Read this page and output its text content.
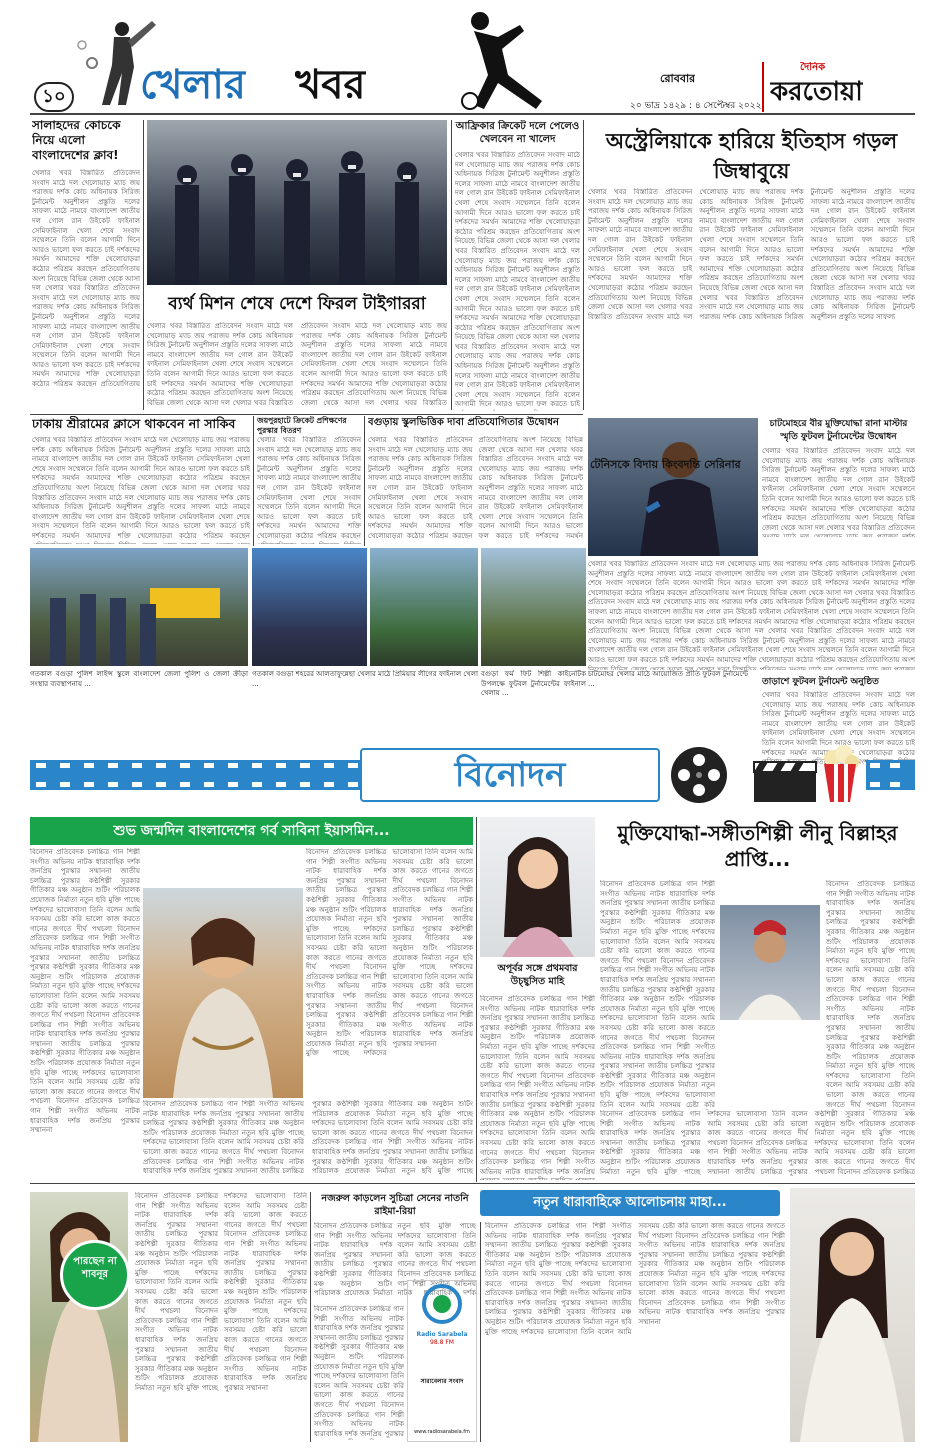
১০ খেলার খবর	রোববার
২০ ভাদ্র ১৪২৯ : ৪ সেপ্টেম্বর ২০২২
দৈনিক
করতোয়া
সালাহদের কোচকে নিয়ে এলো বাংলাদেশের ক্লাব!
খেলার খবর বিস্তারিত প্রতিবেদন সংবাদ মাঠে দল খেলোয়াড় ম্যাচ জয় পরাজয় দর্শক কোচ অধিনায়ক সিরিজ টুর্নামেন্ট অনুশীলন প্রস্তুতি দলের সাফল্য মাঠে নামবে বাংলাদেশ জাতীয় দল গোল রান উইকেট ফাইনাল সেমিফাইনাল খেলা শেষে সংবাদ সম্মেলনে তিনি বলেন আগামী দিনে আরও ভালো ফল করতে চাই দর্শকদের সমর্থন আমাদের শক্তি খেলোয়াড়রা কঠোর পরিশ্রম করছেন প্রতিযোগিতায় অংশ নিয়েছে বিভিন্ন জেলা থেকে আসা দল খেলার খবর বিস্তারিত প্রতিবেদন সংবাদ মাঠে দল খেলোয়াড় ম্যাচ জয় পরাজয় দর্শক কোচ অধিনায়ক সিরিজ টুর্নামেন্ট অনুশীলন প্রস্তুতি দলের সাফল্য মাঠে নামবে বাংলাদেশ জাতীয় দল গোল রান উইকেট ফাইনাল সেমিফাইনাল খেলা শেষে সংবাদ সম্মেলনে তিনি বলেন আগামী দিনে আরও ভালো ফল করতে চাই দর্শকদের সমর্থন আমাদের শক্তি খেলোয়াড়রা কঠোর পরিশ্রম করছেন প্রতিযোগিতায় অংশ নিয়েছে বিভিন্ন জেলা থেকে আসা দল খেলার খবর বিস্তারিত প্রতিবেদন সংবাদ মাঠে দল খেলোয়াড় ম্যাচ জয় পরাজয় দর্শক কোচ অধিনায়ক সিরিজ টুর্নামেন্ট অনুশীলন প্রস্তুতি দলের সাফল্য মাঠে নামবে বাংলাদেশ জাতীয় দল গোল রান উইকেট ফাইনাল সেমিফাইনাল খেলা শেষে সংবাদ সম্মেলনে তিনি বলেন আগামী দিনে আরও ভালো ফল করতে চাই দর্শকদের সমর্থন আমাদের শক্তি খেলোয়াড়রা কঠোর পরিশ্রম করছেন প্রতিযোগিতায় অংশ নিয়েছে বিভিন্ন জেলা থেকে আসা দল খেলার খবর বিস্তারিত প্রতিবেদন সংবাদ মাঠে দল খেলোয়াড় ম্যাচ জয় পরাজয় দর্শক কোচ অধিনায়ক সিরিজ টুর্নামেন্ট অনুশীলন প্রস্তুতি দলের সাফল্য
ব্যর্থ মিশন শেষে দেশে ফিরল টাইগাররা
খেলার খবর বিস্তারিত প্রতিবেদন সংবাদ মাঠে দল খেলোয়াড় ম্যাচ জয় পরাজয় দর্শক কোচ অধিনায়ক সিরিজ টুর্নামেন্ট অনুশীলন প্রস্তুতি দলের সাফল্য মাঠে নামবে বাংলাদেশ জাতীয় দল গোল রান উইকেট ফাইনাল সেমিফাইনাল খেলা শেষে সংবাদ সম্মেলনে তিনি বলেন আগামী দিনে আরও ভালো ফল করতে চাই দর্শকদের সমর্থন আমাদের শক্তি খেলোয়াড়রা কঠোর পরিশ্রম করছেন প্রতিযোগিতায় অংশ নিয়েছে বিভিন্ন জেলা থেকে আসা দল খেলার খবর বিস্তারিত প্রতিবেদন সংবাদ মাঠে দল খেলোয়াড় ম্যাচ জয় পরাজয় দর্শক কোচ অধিনায়ক সিরিজ টুর্নামেন্ট অনুশীলন প্রস্তুতি দলের সাফল্য মাঠে নামবে বাংলাদেশ জাতীয় দল গোল রান উইকেট ফাইনাল সেমিফাইনাল খেলা শেষে সংবাদ সম্মেলনে তিনি বলেন আগামী দিনে আরও ভালো ফল করতে চাই দর্শকদের সমর্থন আমাদের শক্তি খেলোয়াড়রা কঠোর পরিশ্রম করছেন প্রতিযোগিতায় অংশ নিয়েছে বিভিন্ন জেলা থেকে আসা দল খেলার খবর বিস্তারিত প্রতিবেদন সংবাদ মাঠে দল খেলোয়াড় ম্যাচ জয় পরাজয় দর্শক কোচ অধিনায়ক সিরিজ টুর্নামেন্ট অনুশীলন প্রস্তুতি দলের সাফল্য মাঠে নামবে বাংলাদেশ জাতীয় দল গোল রান উইকেট ফাইনাল সেমিফাইনাল খেলা শেষে সংবাদ সম্মেলনে তিনি বলেন আগামী দিনে আরও ভালো ফল করতে চাই দর্শকদের সমর্থন আমাদের শক্তি খেলোয়াড়রা কঠোর পরিশ্রম করছেন প্রতিযোগিতায় অংশ নিয়েছে বিভিন্ন জেলা থেকে আসা দল খেলার খবর বিস্তারিত প্রতিবেদন সংবাদ মাঠে দল খেলোয়াড় ম্যাচ জয় পরাজয় দর্শক কোচ অধিনায়ক সিরিজ টুর্নামেন্ট অনুশীলন প্রস্তুতি দলের সাফল্য
আফ্রিকার ক্রিকেট দলে পেলেও খেলবেন না খালেদ
খেলার খবর বিস্তারিত প্রতিবেদন সংবাদ মাঠে দল খেলোয়াড় ম্যাচ জয় পরাজয় দর্শক কোচ অধিনায়ক সিরিজ টুর্নামেন্ট অনুশীলন প্রস্তুতি দলের সাফল্য মাঠে নামবে বাংলাদেশ জাতীয় দল গোল রান উইকেট ফাইনাল সেমিফাইনাল খেলা শেষে সংবাদ সম্মেলনে তিনি বলেন আগামী দিনে আরও ভালো ফল করতে চাই দর্শকদের সমর্থন আমাদের শক্তি খেলোয়াড়রা কঠোর পরিশ্রম করছেন প্রতিযোগিতায় অংশ নিয়েছে বিভিন্ন জেলা থেকে আসা দল খেলার খবর বিস্তারিত প্রতিবেদন সংবাদ মাঠে দল খেলোয়াড় ম্যাচ জয় পরাজয় দর্শক কোচ অধিনায়ক সিরিজ টুর্নামেন্ট অনুশীলন প্রস্তুতি দলের সাফল্য মাঠে নামবে বাংলাদেশ জাতীয় দল গোল রান উইকেট ফাইনাল সেমিফাইনাল খেলা শেষে সংবাদ সম্মেলনে তিনি বলেন আগামী দিনে আরও ভালো ফল করতে চাই দর্শকদের সমর্থন আমাদের শক্তি খেলোয়াড়রা কঠোর পরিশ্রম করছেন প্রতিযোগিতায় অংশ নিয়েছে বিভিন্ন জেলা থেকে আসা দল খেলার খবর বিস্তারিত প্রতিবেদন সংবাদ মাঠে দল খেলোয়াড় ম্যাচ জয় পরাজয় দর্শক কোচ অধিনায়ক সিরিজ টুর্নামেন্ট অনুশীলন প্রস্তুতি দলের সাফল্য মাঠে নামবে বাংলাদেশ জাতীয় দল গোল রান উইকেট ফাইনাল সেমিফাইনাল খেলা শেষে সংবাদ সম্মেলনে তিনি বলেন আগামী দিনে আরও ভালো ফল করতে চাই দর্শকদের সমর্থন আমাদের শক্তি খেলোয়াড়রা কঠোর পরিশ্রম করছেন প্রতিযোগিতায় অংশ নিয়েছে বিভিন্ন জেলা থেকে আসা দল খেলার খবর বিস্তারিত প্রতিবেদন সংবাদ মাঠে দল খেলোয়াড় ম্যাচ জয় পরাজয় দর্শক কোচ অধিনায়ক সিরিজ টুর্নামেন্ট অনুশীলন প্রস্তুতি দলের সাফল্য	অস্ট্রেলিয়াকে হারিয়ে ইতিহাস গড়ল জিম্বাবুয়ে
খেলার খবর বিস্তারিত প্রতিবেদন সংবাদ মাঠে দল খেলোয়াড় ম্যাচ জয় পরাজয় দর্শক কোচ অধিনায়ক সিরিজ টুর্নামেন্ট অনুশীলন প্রস্তুতি দলের সাফল্য মাঠে নামবে বাংলাদেশ জাতীয় দল গোল রান উইকেট ফাইনাল সেমিফাইনাল খেলা শেষে সংবাদ সম্মেলনে তিনি বলেন আগামী দিনে আরও ভালো ফল করতে চাই দর্শকদের সমর্থন আমাদের শক্তি খেলোয়াড়রা কঠোর পরিশ্রম করছেন প্রতিযোগিতায় অংশ নিয়েছে বিভিন্ন জেলা থেকে আসা দল খেলার খবর বিস্তারিত প্রতিবেদন সংবাদ মাঠে দল খেলোয়াড় ম্যাচ জয় পরাজয় দর্শক কোচ অধিনায়ক সিরিজ টুর্নামেন্ট অনুশীলন প্রস্তুতি দলের সাফল্য মাঠে নামবে বাংলাদেশ জাতীয় দল গোল রান উইকেট ফাইনাল সেমিফাইনাল খেলা শেষে সংবাদ সম্মেলনে তিনি বলেন আগামী দিনে আরও ভালো ফল করতে চাই দর্শকদের সমর্থন আমাদের শক্তি খেলোয়াড়রা কঠোর পরিশ্রম করছেন প্রতিযোগিতায় অংশ নিয়েছে বিভিন্ন জেলা থেকে আসা দল খেলার খবর বিস্তারিত প্রতিবেদন সংবাদ মাঠে দল খেলোয়াড় ম্যাচ জয় পরাজয় দর্শক কোচ অধিনায়ক সিরিজ টুর্নামেন্ট অনুশীলন প্রস্তুতি দলের সাফল্য মাঠে নামবে বাংলাদেশ জাতীয় দল গোল রান উইকেট ফাইনাল সেমিফাইনাল খেলা শেষে সংবাদ সম্মেলনে তিনি বলেন আগামী দিনে আরও ভালো ফল করতে চাই দর্শকদের সমর্থন আমাদের শক্তি খেলোয়াড়রা কঠোর পরিশ্রম করছেন প্রতিযোগিতায় অংশ নিয়েছে বিভিন্ন জেলা থেকে আসা দল খেলার খবর বিস্তারিত প্রতিবেদন সংবাদ মাঠে দল খেলোয়াড় ম্যাচ জয় পরাজয় দর্শক কোচ অধিনায়ক সিরিজ টুর্নামেন্ট অনুশীলন প্রস্তুতি দলের সাফল্য
ঢাকায় শ্রীরামের ক্লাসে থাকবেন না সাকিব
খেলার খবর বিস্তারিত প্রতিবেদন সংবাদ মাঠে দল খেলোয়াড় ম্যাচ জয় পরাজয় দর্শক কোচ অধিনায়ক সিরিজ টুর্নামেন্ট অনুশীলন প্রস্তুতি দলের সাফল্য মাঠে নামবে বাংলাদেশ জাতীয় দল গোল রান উইকেট ফাইনাল সেমিফাইনাল খেলা শেষে সংবাদ সম্মেলনে তিনি বলেন আগামী দিনে আরও ভালো ফল করতে চাই দর্শকদের সমর্থন আমাদের শক্তি খেলোয়াড়রা কঠোর পরিশ্রম করছেন প্রতিযোগিতায় অংশ নিয়েছে বিভিন্ন জেলা থেকে আসা দল খেলার খবর বিস্তারিত প্রতিবেদন সংবাদ মাঠে দল খেলোয়াড় ম্যাচ জয় পরাজয় দর্শক কোচ অধিনায়ক সিরিজ টুর্নামেন্ট অনুশীলন প্রস্তুতি দলের সাফল্য মাঠে নামবে বাংলাদেশ জাতীয় দল গোল রান উইকেট ফাইনাল সেমিফাইনাল খেলা শেষে সংবাদ সম্মেলনে তিনি বলেন আগামী দিনে আরও ভালো ফল করতে চাই দর্শকদের সমর্থন আমাদের শক্তি খেলোয়াড়রা কঠোর পরিশ্রম করছেন প্রতিযোগিতায় অংশ নিয়েছে বিভিন্ন জেলা থেকে আসা দল খেলার খবর বিস্তারিত প্রতিবেদন সংবাদ মাঠে দল খেলোয়াড় ম্যাচ জয় পরাজয় দর্শক কোচ অধিনায়ক সিরিজ টুর্নামেন্ট অনুশীলন প্রস্তুতি দলের সাফল্য মাঠে নামবে বাংলাদেশ জাতীয় দল গোল রান উইকেট ফাইনাল সেমিফাইনাল খেলা শেষে সংবাদ সম্মেলনে তিনি বলেন আগামী দিনে আরও ভালো ফল করতে চাই দর্শকদের সমর্থন আমাদের শক্তি খেলোয়াড়রা কঠোর পরিশ্রম করছেন প্রতিযোগিতায় অংশ নিয়েছে বিভিন্ন জেলা থেকে আসা দল খেলার খবর বিস্তারিত প্রতিবেদন সংবাদ মাঠে দল খেলোয়াড় ম্যাচ জয় পরাজয় দর্শক কোচ অধিনায়ক সিরিজ টুর্নামেন্ট অনুশীলন প্রস্তুতি দলের সাফল্য	জয়পুরহাটে ক্রিকেট প্রশিক্ষণের পুরস্কার বিতরণ
খেলার খবর বিস্তারিত প্রতিবেদন সংবাদ মাঠে দল খেলোয়াড় ম্যাচ জয় পরাজয় দর্শক কোচ অধিনায়ক সিরিজ টুর্নামেন্ট অনুশীলন প্রস্তুতি দলের সাফল্য মাঠে নামবে বাংলাদেশ জাতীয় দল গোল রান উইকেট ফাইনাল সেমিফাইনাল খেলা শেষে সংবাদ সম্মেলনে তিনি বলেন আগামী দিনে আরও ভালো ফল করতে চাই দর্শকদের সমর্থন আমাদের শক্তি খেলোয়াড়রা কঠোর পরিশ্রম করছেন প্রতিযোগিতায় অংশ নিয়েছে বিভিন্ন জেলা থেকে আসা দল খেলার খবর বিস্তারিত প্রতিবেদন সংবাদ মাঠে দল খেলোয়াড় ম্যাচ জয় পরাজয় দর্শক কোচ অধিনায়ক সিরিজ টুর্নামেন্ট অনুশীলন প্রস্তুতি দলের সাফল্য মাঠে নামবে বাংলাদেশ জাতীয় দল গোল রান উইকেট ফাইনাল সেমিফাইনাল খেলা শেষে সংবাদ সম্মেলনে তিনি বলেন আগামী দিনে আরও ভালো ফল করতে চাই দর্শকদের সমর্থন আমাদের শক্তি খেলোয়াড়রা কঠোর পরিশ্রম করছেন প্রতিযোগিতায় অংশ নিয়েছে বিভিন্ন জেলা থেকে আসা দল খেলার খবর বিস্তারিত প্রতিবেদন সংবাদ মাঠে দল খেলোয়াড় ম্যাচ জয় পরাজয় দর্শক কোচ অধিনায়ক সিরিজ টুর্নামেন্ট অনুশীলন প্রস্তুতি দলের সাফল্য মাঠে নামবে বাংলাদেশ জাতীয় দল গোল রান উইকেট ফাইনাল সেমিফাইনাল খেলা শেষে সংবাদ সম্মেলনে তিনি বলেন আগামী দিনে আরও ভালো ফল করতে চাই দর্শকদের সমর্থন আমাদের শক্তি খেলোয়াড়রা কঠোর পরিশ্রম করছেন প্রতিযোগিতায় অংশ নিয়েছে বিভিন্ন জেলা থেকে আসা দল খেলার খবর বিস্তারিত প্রতিবেদন সংবাদ মাঠে দল খেলোয়াড় ম্যাচ জয় পরাজয় দর্শক কোচ অধিনায়ক সিরিজ টুর্নামেন্ট অনুশীলন প্রস্তুতি দলের সাফল্য
বগুড়ায় স্কুলভিত্তিক দাবা প্রতিযোগিতার উদ্বোধন
খেলার খবর বিস্তারিত প্রতিবেদন সংবাদ মাঠে দল খেলোয়াড় ম্যাচ জয় পরাজয় দর্শক কোচ অধিনায়ক সিরিজ টুর্নামেন্ট অনুশীলন প্রস্তুতি দলের সাফল্য মাঠে নামবে বাংলাদেশ জাতীয় দল গোল রান উইকেট ফাইনাল সেমিফাইনাল খেলা শেষে সংবাদ সম্মেলনে তিনি বলেন আগামী দিনে আরও ভালো ফল করতে চাই দর্শকদের সমর্থন আমাদের শক্তি খেলোয়াড়রা কঠোর পরিশ্রম করছেন প্রতিযোগিতায় অংশ নিয়েছে বিভিন্ন জেলা থেকে আসা দল খেলার খবর বিস্তারিত প্রতিবেদন সংবাদ মাঠে দল খেলোয়াড় ম্যাচ জয় পরাজয় দর্শক কোচ অধিনায়ক সিরিজ টুর্নামেন্ট অনুশীলন প্রস্তুতি দলের সাফল্য মাঠে নামবে বাংলাদেশ জাতীয় দল গোল রান উইকেট ফাইনাল সেমিফাইনাল খেলা শেষে সংবাদ সম্মেলনে তিনি বলেন আগামী দিনে আরও ভালো ফল করতে চাই দর্শকদের সমর্থন আমাদের শক্তি খেলোয়াড়রা কঠোর পরিশ্রম করছেন প্রতিযোগিতায় অংশ নিয়েছে বিভিন্ন জেলা থেকে আসা দল খেলার খবর বিস্তারিত প্রতিবেদন সংবাদ মাঠে দল খেলোয়াড় ম্যাচ জয় পরাজয় দর্শক কোচ অধিনায়ক সিরিজ টুর্নামেন্ট অনুশীলন প্রস্তুতি দলের সাফল্য মাঠে নামবে বাংলাদেশ জাতীয় দল গোল রান উইকেট ফাইনাল সেমিফাইনাল খেলা শেষে সংবাদ সম্মেলনে তিনি বলেন আগামী দিনে আরও ভালো ফল করতে চাই দর্শকদের সমর্থন আমাদের শক্তি খেলোয়াড়রা কঠোর পরিশ্রম করছেন প্রতিযোগিতায় অংশ নিয়েছে বিভিন্ন জেলা থেকে আসা দল খেলার খবর বিস্তারিত প্রতিবেদন সংবাদ মাঠে দল খেলোয়াড় ম্যাচ জয় পরাজয় দর্শক কোচ অধিনায়ক সিরিজ টুর্নামেন্ট অনুশীলন প্রস্তুতি দলের সাফল্য	চাটমোহরে বীর মুক্তিযোদ্ধা রানা মাস্টার স্মৃতি ফুটবল টুর্নামেন্টের উদ্বোধন
খেলার খবর বিস্তারিত প্রতিবেদন সংবাদ মাঠে দল খেলোয়াড় ম্যাচ জয় পরাজয় দর্শক কোচ অধিনায়ক সিরিজ টুর্নামেন্ট অনুশীলন প্রস্তুতি দলের সাফল্য মাঠে নামবে বাংলাদেশ জাতীয় দল গোল রান উইকেট ফাইনাল সেমিফাইনাল খেলা শেষে সংবাদ সম্মেলনে তিনি বলেন আগামী দিনে আরও ভালো ফল করতে চাই দর্শকদের সমর্থন আমাদের শক্তি খেলোয়াড়রা কঠোর পরিশ্রম করছেন প্রতিযোগিতায় অংশ নিয়েছে বিভিন্ন জেলা থেকে আসা দল খেলার খবর বিস্তারিত প্রতিবেদন সংবাদ মাঠে দল খেলোয়াড় ম্যাচ জয় পরাজয় দর্শক কোচ অধিনায়ক সিরিজ টুর্নামেন্ট অনুশীলন প্রস্তুতি দলের সাফল্য মাঠে নামবে বাংলাদেশ জাতীয় দল গোল রান উইকেট ফাইনাল সেমিফাইনাল খেলা শেষে সংবাদ সম্মেলনে তিনি বলেন আগামী দিনে আরও ভালো ফল করতে চাই দর্শকদের সমর্থন আমাদের শক্তি খেলোয়াড়রা কঠোর পরিশ্রম করছেন প্রতিযোগিতায় অংশ নিয়েছে বিভিন্ন জেলা থেকে আসা দল খেলার খবর বিস্তারিত প্রতিবেদন সংবাদ মাঠে দল খেলোয়াড় ম্যাচ জয় পরাজয় দর্শক কোচ অধিনায়ক সিরিজ টুর্নামেন্ট অনুশীলন প্রস্তুতি দলের সাফল্য মাঠে নামবে বাংলাদেশ জাতীয় দল গোল রান উইকেট ফাইনাল সেমিফাইনাল খেলা শেষে সংবাদ সম্মেলনে তিনি বলেন আগামী দিনে আরও ভালো ফল করতে চাই দর্শকদের সমর্থন আমাদের শক্তি খেলোয়াড়রা কঠোর পরিশ্রম করছেন প্রতিযোগিতায় অংশ নিয়েছে বিভিন্ন জেলা থেকে আসা দল খেলার খবর বিস্তারিত প্রতিবেদন সংবাদ মাঠে দল খেলোয়াড় ম্যাচ জয় পরাজয় দর্শক কোচ অধিনায়ক সিরিজ টুর্নামেন্ট অনুশীলন প্রস্তুতি দলের সাফল্য
টেনিসকে বিদায় কিংবদন্তি সেরিনার
খেলার খবর বিস্তারিত প্রতিবেদন সংবাদ মাঠে দল খেলোয়াড় ম্যাচ জয় পরাজয় দর্শক কোচ অধিনায়ক সিরিজ টুর্নামেন্ট অনুশীলন প্রস্তুতি দলের সাফল্য মাঠে নামবে বাংলাদেশ জাতীয় দল গোল রান উইকেট ফাইনাল সেমিফাইনাল খেলা শেষে সংবাদ সম্মেলনে তিনি বলেন আগামী দিনে আরও ভালো ফল করতে চাই দর্শকদের সমর্থন আমাদের শক্তি খেলোয়াড়রা কঠোর পরিশ্রম করছেন প্রতিযোগিতায় অংশ নিয়েছে বিভিন্ন জেলা থেকে আসা দল খেলার খবর বিস্তারিত প্রতিবেদন সংবাদ মাঠে দল খেলোয়াড় ম্যাচ জয় পরাজয় দর্শক কোচ অধিনায়ক সিরিজ টুর্নামেন্ট অনুশীলন প্রস্তুতি দলের সাফল্য মাঠে নামবে বাংলাদেশ জাতীয় দল গোল রান উইকেট ফাইনাল সেমিফাইনাল খেলা শেষে সংবাদ সম্মেলনে তিনি বলেন আগামী দিনে আরও ভালো ফল করতে চাই দর্শকদের সমর্থন আমাদের শক্তি খেলোয়াড়রা কঠোর পরিশ্রম করছেন প্রতিযোগিতায় অংশ নিয়েছে বিভিন্ন জেলা থেকে আসা দল খেলার খবর বিস্তারিত প্রতিবেদন সংবাদ মাঠে দল খেলোয়াড় ম্যাচ জয় পরাজয় দর্শক কোচ অধিনায়ক সিরিজ টুর্নামেন্ট অনুশীলন প্রস্তুতি দলের সাফল্য মাঠে নামবে বাংলাদেশ জাতীয় দল গোল রান উইকেট ফাইনাল সেমিফাইনাল খেলা শেষে সংবাদ সম্মেলনে তিনি বলেন আগামী দিনে আরও ভালো ফল করতে চাই দর্শকদের সমর্থন আমাদের শক্তি খেলোয়াড়রা কঠোর পরিশ্রম করছেন প্রতিযোগিতায় অংশ নিয়েছে বিভিন্ন জেলা থেকে আসা দল খেলার খবর বিস্তারিত প্রতিবেদন সংবাদ মাঠে দল খেলোয়াড় ম্যাচ জয় পরাজয় দর্শক কোচ অধিনায়ক সিরিজ টুর্নামেন্ট অনুশীলন প্রস্তুতি দলের সাফল্য
গতকাল বগুড়া পুলিশ লাইন্স স্কুলে বাংলাদেশ জেলা পুলিশ ও জেলা ক্রীড়া সংস্থার ব্যবস্থাপনায় ...
গতকাল বগুড়া শহরের আলতাফুন্নেছা খেলার মাঠে প্রিমিয়ার লীগের ফাইনাল খেলা ...
বগুড়া ফর্ম ফিট শিল্পী কাইনেটিক উপলক্ষে ফুটবল টুর্নামেন্টের ফাইনাল খেলায় ...
চাটমোহর খেলার মাঠে আয়োজিত প্রীতি ফুটবল টুর্নামেন্টে ...	তাড়াশে ফুটবল টুর্নামেন্ট অনুষ্ঠিত
খেলার খবর বিস্তারিত প্রতিবেদন সংবাদ মাঠে দল খেলোয়াড় ম্যাচ জয় পরাজয় দর্শক কোচ অধিনায়ক সিরিজ টুর্নামেন্ট অনুশীলন প্রস্তুতি দলের সাফল্য মাঠে নামবে বাংলাদেশ জাতীয় দল গোল রান উইকেট ফাইনাল সেমিফাইনাল খেলা শেষে সংবাদ সম্মেলনে তিনি বলেন আগামী দিনে আরও ভালো ফল করতে চাই দর্শকদের সমর্থন আমাদের শক্তি খেলোয়াড়রা কঠোর পরিশ্রম করছেন প্রতিযোগিতায় অংশ নিয়েছে বিভিন্ন জেলা থেকে আসা দল খেলার খবর বিস্তারিত প্রতিবেদন সংবাদ মাঠে দল খেলোয়াড় ম্যাচ জয় পরাজয় দর্শক কোচ অধিনায়ক সিরিজ টুর্নামেন্ট অনুশীলন প্রস্তুতি দলের সাফল্য মাঠে নামবে বাংলাদেশ জাতীয় দল গোল রান উইকেট ফাইনাল সেমিফাইনাল খেলা শেষে সংবাদ সম্মেলনে তিনি বলেন আগামী দিনে আরও ভালো ফল করতে চাই দর্শকদের সমর্থন আমাদের শক্তি খেলোয়াড়রা কঠোর পরিশ্রম করছেন প্রতিযোগিতায় অংশ নিয়েছে বিভিন্ন জেলা থেকে আসা দল খেলার খবর বিস্তারিত প্রতিবেদন সংবাদ মাঠে দল খেলোয়াড় ম্যাচ জয় পরাজয় দর্শক কোচ অধিনায়ক সিরিজ টুর্নামেন্ট অনুশীলন প্রস্তুতি দলের সাফল্য মাঠে নামবে বাংলাদেশ জাতীয় দল গোল রান উইকেট ফাইনাল সেমিফাইনাল খেলা শেষে সংবাদ সম্মেলনে তিনি বলেন আগামী দিনে আরও ভালো ফল করতে চাই দর্শকদের সমর্থন আমাদের শক্তি খেলোয়াড়রা কঠোর পরিশ্রম করছেন প্রতিযোগিতায় অংশ নিয়েছে বিভিন্ন জেলা থেকে আসা দল খেলার খবর বিস্তারিত প্রতিবেদন সংবাদ মাঠে দল খেলোয়াড় ম্যাচ জয় পরাজয় দর্শক কোচ অধিনায়ক সিরিজ টুর্নামেন্ট অনুশীলন প্রস্তুতি দলের সাফল্য
বিনোদন
শুভ জন্মদিন বাংলাদেশের গর্ব সাবিনা ইয়াসমিন...
বিনোদন প্রতিবেদক চলচ্চিত্র গান শিল্পী সংগীত অভিনয় নাটক ধারাবাহিক দর্শক জনপ্রিয় পুরস্কার সম্মাননা জাতীয় চলচ্চিত্র পুরস্কার কণ্ঠশিল্পী সুরকার গীতিকার মঞ্চ অনুষ্ঠান শুটিং পরিচালক প্রযোজক নির্মাতা নতুন ছবি মুক্তি পাচ্ছে দর্শকদের ভালোবাসা তিনি বলেন আমি সবসময় চেষ্টা করি ভালো কাজ করতে গানের জগতে দীর্ঘ পথচলা বিনোদন প্রতিবেদক চলচ্চিত্র গান শিল্পী সংগীত অভিনয় নাটক ধারাবাহিক দর্শক জনপ্রিয় পুরস্কার সম্মাননা জাতীয় চলচ্চিত্র পুরস্কার কণ্ঠশিল্পী সুরকার গীতিকার মঞ্চ অনুষ্ঠান শুটিং পরিচালক প্রযোজক নির্মাতা নতুন ছবি মুক্তি পাচ্ছে দর্শকদের ভালোবাসা তিনি বলেন আমি সবসময় চেষ্টা করি ভালো কাজ করতে গানের জগতে দীর্ঘ পথচলা বিনোদন প্রতিবেদক চলচ্চিত্র গান শিল্পী সংগীত অভিনয় নাটক ধারাবাহিক দর্শক জনপ্রিয় পুরস্কার সম্মাননা জাতীয় চলচ্চিত্র পুরস্কার কণ্ঠশিল্পী সুরকার গীতিকার মঞ্চ অনুষ্ঠান শুটিং পরিচালক প্রযোজক নির্মাতা নতুন ছবি মুক্তি পাচ্ছে দর্শকদের ভালোবাসা তিনি বলেন আমি সবসময় চেষ্টা করি ভালো কাজ করতে গানের জগতে দীর্ঘ পথচলা বিনোদন প্রতিবেদক চলচ্চিত্র গান শিল্পী সংগীত অভিনয় নাটক ধারাবাহিক দর্শক জনপ্রিয় পুরস্কার সম্মাননা
বিনোদন প্রতিবেদক চলচ্চিত্র গান শিল্পী সংগীত অভিনয় নাটক ধারাবাহিক দর্শক জনপ্রিয় পুরস্কার সম্মাননা জাতীয় চলচ্চিত্র পুরস্কার কণ্ঠশিল্পী সুরকার গীতিকার মঞ্চ অনুষ্ঠান শুটিং পরিচালক প্রযোজক নির্মাতা নতুন ছবি মুক্তি পাচ্ছে দর্শকদের ভালোবাসা তিনি বলেন আমি সবসময় চেষ্টা করি ভালো কাজ করতে গানের জগতে দীর্ঘ পথচলা বিনোদন প্রতিবেদক চলচ্চিত্র গান শিল্পী সংগীত অভিনয় নাটক ধারাবাহিক দর্শক জনপ্রিয় পুরস্কার সম্মাননা জাতীয় চলচ্চিত্র পুরস্কার কণ্ঠশিল্পী সুরকার গীতিকার মঞ্চ অনুষ্ঠান শুটিং পরিচালক প্রযোজক নির্মাতা নতুন ছবি মুক্তি পাচ্ছে দর্শকদের ভালোবাসা তিনি বলেন আমি সবসময় চেষ্টা করি ভালো কাজ করতে গানের জগতে দীর্ঘ পথচলা বিনোদন প্রতিবেদক চলচ্চিত্র গান শিল্পী সংগীত অভিনয় নাটক ধারাবাহিক দর্শক জনপ্রিয় পুরস্কার সম্মাননা জাতীয় চলচ্চিত্র পুরস্কার কণ্ঠশিল্পী সুরকার গীতিকার মঞ্চ অনুষ্ঠান শুটিং পরিচালক প্রযোজক নির্মাতা নতুন ছবি মুক্তি পাচ্ছে দর্শকদের ভালোবাসা তিনি বলেন আমি সবসময় চেষ্টা করি ভালো কাজ করতে গানের জগতে দীর্ঘ পথচলা বিনোদন প্রতিবেদক চলচ্চিত্র গান শিল্পী সংগীত অভিনয় নাটক ধারাবাহিক দর্শক জনপ্রিয় পুরস্কার সম্মাননা
বিনোদন প্রতিবেদক চলচ্চিত্র গান শিল্পী সংগীত অভিনয় নাটক ধারাবাহিক দর্শক জনপ্রিয় পুরস্কার সম্মাননা জাতীয় চলচ্চিত্র পুরস্কার কণ্ঠশিল্পী সুরকার গীতিকার মঞ্চ অনুষ্ঠান শুটিং পরিচালক প্রযোজক নির্মাতা নতুন ছবি মুক্তি পাচ্ছে দর্শকদের ভালোবাসা তিনি বলেন আমি সবসময় চেষ্টা করি ভালো কাজ করতে গানের জগতে দীর্ঘ পথচলা বিনোদন প্রতিবেদক চলচ্চিত্র গান শিল্পী সংগীত অভিনয় নাটক ধারাবাহিক দর্শক জনপ্রিয় পুরস্কার সম্মাননা জাতীয় চলচ্চিত্র পুরস্কার কণ্ঠশিল্পী সুরকার গীতিকার মঞ্চ অনুষ্ঠান শুটিং পরিচালক প্রযোজক নির্মাতা নতুন ছবি মুক্তি পাচ্ছে দর্শকদের ভালোবাসা তিনি বলেন আমি সবসময় চেষ্টা করি ভালো কাজ করতে গানের জগতে দীর্ঘ পথচলা বিনোদন প্রতিবেদক চলচ্চিত্র গান শিল্পী সংগীত অভিনয় নাটক ধারাবাহিক দর্শক জনপ্রিয় পুরস্কার সম্মাননা জাতীয় চলচ্চিত্র পুরস্কার কণ্ঠশিল্পী সুরকার গীতিকার মঞ্চ অনুষ্ঠান শুটিং পরিচালক প্রযোজক নির্মাতা নতুন ছবি মুক্তি পাচ্ছে দর্শকদের ভালোবাসা তিনি বলেন আমি সবসময় চেষ্টা করি ভালো কাজ করতে গানের জগতে দীর্ঘ পথচলা বিনোদন প্রতিবেদক চলচ্চিত্র গান শিল্পী সংগীত অভিনয় নাটক ধারাবাহিক দর্শক জনপ্রিয় পুরস্কার সম্মাননা
অপূর্বর সঙ্গে প্রথমবার উচ্ছ্বসিত মাহি
বিনোদন প্রতিবেদক চলচ্চিত্র গান শিল্পী সংগীত অভিনয় নাটক ধারাবাহিক দর্শক জনপ্রিয় পুরস্কার সম্মাননা জাতীয় চলচ্চিত্র পুরস্কার কণ্ঠশিল্পী সুরকার গীতিকার মঞ্চ অনুষ্ঠান শুটিং পরিচালক প্রযোজক নির্মাতা নতুন ছবি মুক্তি পাচ্ছে দর্শকদের ভালোবাসা তিনি বলেন আমি সবসময় চেষ্টা করি ভালো কাজ করতে গানের জগতে দীর্ঘ পথচলা বিনোদন প্রতিবেদক চলচ্চিত্র গান শিল্পী সংগীত অভিনয় নাটক ধারাবাহিক দর্শক জনপ্রিয় পুরস্কার সম্মাননা জাতীয় চলচ্চিত্র পুরস্কার কণ্ঠশিল্পী সুরকার গীতিকার মঞ্চ অনুষ্ঠান শুটিং পরিচালক প্রযোজক নির্মাতা নতুন ছবি মুক্তি পাচ্ছে দর্শকদের ভালোবাসা তিনি বলেন আমি সবসময় চেষ্টা করি ভালো কাজ করতে গানের জগতে দীর্ঘ পথচলা বিনোদন প্রতিবেদক চলচ্চিত্র গান শিল্পী সংগীত অভিনয় নাটক ধারাবাহিক দর্শক জনপ্রিয় পুরস্কার সম্মাননা জাতীয় চলচ্চিত্র পুরস্কার কণ্ঠশিল্পী সুরকার গীতিকার মঞ্চ অনুষ্ঠান শুটিং পরিচালক প্রযোজক নির্মাতা নতুন ছবি মুক্তি পাচ্ছে দর্শকদের ভালোবাসা তিনি বলেন আমি সবসময় চেষ্টা করি ভালো কাজ করতে গানের জগতে দীর্ঘ পথচলা বিনোদন প্রতিবেদক চলচ্চিত্র গান শিল্পী সংগীত অভিনয় নাটক ধারাবাহিক দর্শক জনপ্রিয় পুরস্কার সম্মাননা
মুক্তিযোদ্ধা-সঙ্গীতশিল্পী লীনু বিল্লাহর প্রাপ্তি...
বিনোদন প্রতিবেদক চলচ্চিত্র গান শিল্পী সংগীত অভিনয় নাটক ধারাবাহিক দর্শক জনপ্রিয় পুরস্কার সম্মাননা জাতীয় চলচ্চিত্র পুরস্কার কণ্ঠশিল্পী সুরকার গীতিকার মঞ্চ অনুষ্ঠান শুটিং পরিচালক প্রযোজক নির্মাতা নতুন ছবি মুক্তি পাচ্ছে দর্শকদের ভালোবাসা তিনি বলেন আমি সবসময় চেষ্টা করি ভালো কাজ করতে গানের জগতে দীর্ঘ পথচলা বিনোদন প্রতিবেদক চলচ্চিত্র গান শিল্পী সংগীত অভিনয় নাটক ধারাবাহিক দর্শক জনপ্রিয় পুরস্কার সম্মাননা জাতীয় চলচ্চিত্র পুরস্কার কণ্ঠশিল্পী সুরকার গীতিকার মঞ্চ অনুষ্ঠান শুটিং পরিচালক প্রযোজক নির্মাতা নতুন ছবি মুক্তি পাচ্ছে দর্শকদের ভালোবাসা তিনি বলেন আমি সবসময় চেষ্টা করি ভালো কাজ করতে গানের জগতে দীর্ঘ পথচলা বিনোদন প্রতিবেদক চলচ্চিত্র গান শিল্পী সংগীত অভিনয় নাটক ধারাবাহিক দর্শক জনপ্রিয় পুরস্কার সম্মাননা জাতীয় চলচ্চিত্র পুরস্কার কণ্ঠশিল্পী সুরকার গীতিকার মঞ্চ অনুষ্ঠান শুটিং পরিচালক প্রযোজক নির্মাতা নতুন ছবি মুক্তি পাচ্ছে দর্শকদের ভালোবাসা তিনি বলেন আমি সবসময় চেষ্টা করি ভালো কাজ করতে গানের জগতে দীর্ঘ পথচলা বিনোদন প্রতিবেদক চলচ্চিত্র গান শিল্পী সংগীত অভিনয় নাটক ধারাবাহিক দর্শক জনপ্রিয় পুরস্কার সম্মাননা
বিনোদন প্রতিবেদক চলচ্চিত্র গান শিল্পী সংগীত অভিনয় নাটক ধারাবাহিক দর্শক জনপ্রিয় পুরস্কার সম্মাননা জাতীয় চলচ্চিত্র পুরস্কার কণ্ঠশিল্পী সুরকার গীতিকার মঞ্চ অনুষ্ঠান শুটিং পরিচালক প্রযোজক নির্মাতা নতুন ছবি মুক্তি পাচ্ছে দর্শকদের ভালোবাসা তিনি বলেন আমি সবসময় চেষ্টা করি ভালো কাজ করতে গানের জগতে দীর্ঘ পথচলা বিনোদন প্রতিবেদক চলচ্চিত্র গান শিল্পী সংগীত অভিনয় নাটক ধারাবাহিক দর্শক জনপ্রিয় পুরস্কার সম্মাননা জাতীয় চলচ্চিত্র পুরস্কার কণ্ঠশিল্পী সুরকার গীতিকার মঞ্চ অনুষ্ঠান শুটিং পরিচালক প্রযোজক নির্মাতা নতুন ছবি মুক্তি পাচ্ছে দর্শকদের ভালোবাসা তিনি বলেন আমি সবসময় চেষ্টা করি ভালো কাজ করতে গানের জগতে দীর্ঘ পথচলা বিনোদন প্রতিবেদক চলচ্চিত্র গান শিল্পী সংগীত অভিনয় নাটক ধারাবাহিক দর্শক জনপ্রিয় পুরস্কার সম্মাননা জাতীয় চলচ্চিত্র পুরস্কার কণ্ঠশিল্পী সুরকার গীতিকার মঞ্চ অনুষ্ঠান শুটিং পরিচালক প্রযোজক নির্মাতা নতুন ছবি মুক্তি পাচ্ছে দর্শকদের ভালোবাসা তিনি বলেন আমি সবসময় চেষ্টা করি ভালো কাজ করতে গানের জগতে দীর্ঘ পথচলা বিনোদন প্রতিবেদক চলচ্চিত্র গান শিল্পী সংগীত অভিনয় নাটক ধারাবাহিক দর্শক জনপ্রিয় পুরস্কার সম্মাননা
বিনোদন প্রতিবেদক চলচ্চিত্র গান শিল্পী সংগীত অভিনয় নাটক ধারাবাহিক দর্শক জনপ্রিয় পুরস্কার সম্মাননা জাতীয় চলচ্চিত্র পুরস্কার কণ্ঠশিল্পী সুরকার গীতিকার মঞ্চ অনুষ্ঠান শুটিং পরিচালক প্রযোজক নির্মাতা নতুন ছবি মুক্তি পাচ্ছে দর্শকদের ভালোবাসা তিনি বলেন আমি সবসময় চেষ্টা করি ভালো কাজ করতে গানের জগতে দীর্ঘ পথচলা বিনোদন প্রতিবেদক চলচ্চিত্র গান শিল্পী সংগীত অভিনয় নাটক ধারাবাহিক দর্শক জনপ্রিয় পুরস্কার সম্মাননা জাতীয় চলচ্চিত্র পুরস্কার কণ্ঠশিল্পী সুরকার গীতিকার মঞ্চ অনুষ্ঠান শুটিং পরিচালক প্রযোজক নির্মাতা নতুন ছবি মুক্তি পাচ্ছে দর্শকদের ভালোবাসা তিনি বলেন আমি সবসময় চেষ্টা করি ভালো কাজ করতে গানের জগতে দীর্ঘ পথচলা বিনোদন প্রতিবেদক চলচ্চিত্র গান শিল্পী সংগীত অভিনয় নাটক ধারাবাহিক দর্শক জনপ্রিয় পুরস্কার সম্মাননা জাতীয় চলচ্চিত্র পুরস্কার কণ্ঠশিল্পী সুরকার গীতিকার মঞ্চ অনুষ্ঠান শুটিং পরিচালক প্রযোজক নির্মাতা নতুন ছবি মুক্তি পাচ্ছে দর্শকদের ভালোবাসা তিনি বলেন আমি সবসময় চেষ্টা করি ভালো কাজ করতে গানের জগতে দীর্ঘ পথচলা বিনোদন প্রতিবেদক চলচ্চিত্র গান শিল্পী সংগীত অভিনয় নাটক ধারাবাহিক দর্শক জনপ্রিয় পুরস্কার সম্মাননা
নতুন ধারাবাহিকে আলোচনায় মাহা...
পারছেন না শাবনূর
বিনোদন প্রতিবেদক চলচ্চিত্র গান শিল্পী সংগীত অভিনয় নাটক ধারাবাহিক দর্শক জনপ্রিয় পুরস্কার সম্মাননা জাতীয় চলচ্চিত্র পুরস্কার কণ্ঠশিল্পী সুরকার গীতিকার মঞ্চ অনুষ্ঠান শুটিং পরিচালক প্রযোজক নির্মাতা নতুন ছবি মুক্তি পাচ্ছে দর্শকদের ভালোবাসা তিনি বলেন আমি সবসময় চেষ্টা করি ভালো কাজ করতে গানের জগতে দীর্ঘ পথচলা বিনোদন প্রতিবেদক চলচ্চিত্র গান শিল্পী সংগীত অভিনয় নাটক ধারাবাহিক দর্শক জনপ্রিয় পুরস্কার সম্মাননা জাতীয় চলচ্চিত্র পুরস্কার কণ্ঠশিল্পী সুরকার গীতিকার মঞ্চ অনুষ্ঠান শুটিং পরিচালক প্রযোজক নির্মাতা নতুন ছবি মুক্তি পাচ্ছে দর্শকদের ভালোবাসা তিনি বলেন আমি সবসময় চেষ্টা করি ভালো কাজ করতে গানের জগতে দীর্ঘ পথচলা বিনোদন প্রতিবেদক চলচ্চিত্র গান শিল্পী সংগীত অভিনয় নাটক ধারাবাহিক দর্শক জনপ্রিয় পুরস্কার সম্মাননা জাতীয় চলচ্চিত্র পুরস্কার কণ্ঠশিল্পী সুরকার গীতিকার মঞ্চ অনুষ্ঠান শুটিং পরিচালক প্রযোজক নির্মাতা নতুন ছবি মুক্তি পাচ্ছে দর্শকদের ভালোবাসা তিনি বলেন আমি সবসময় চেষ্টা করি ভালো কাজ করতে গানের জগতে দীর্ঘ পথচলা বিনোদন প্রতিবেদক চলচ্চিত্র গান শিল্পী সংগীত অভিনয় নাটক ধারাবাহিক দর্শক জনপ্রিয় পুরস্কার সম্মাননা
নজরুল কাড়লেন সুচিত্রা সেনের নাতনি রাইমা-রিয়া
বিনোদন প্রতিবেদক চলচ্চিত্র গান শিল্পী সংগীত অভিনয় নাটক ধারাবাহিক দর্শক জনপ্রিয় পুরস্কার সম্মাননা জাতীয় চলচ্চিত্র পুরস্কার কণ্ঠশিল্পী সুরকার গীতিকার মঞ্চ অনুষ্ঠান শুটিং পরিচালক প্রযোজক নির্মাতা নতুন ছবি মুক্তি পাচ্ছে দর্শকদের ভালোবাসা তিনি বলেন আমি সবসময় চেষ্টা করি ভালো কাজ করতে গানের জগতে দীর্ঘ পথচলা বিনোদন প্রতিবেদক চলচ্চিত্র গান শিল্পী সংগীত অভিনয় নাটক ধারাবাহিক দর্শক জনপ্রিয় পুরস্কার সম্মাননা জাতীয় চলচ্চিত্র পুরস্কার কণ্ঠশিল্পী সুরকার গীতিকার মঞ্চ অনুষ্ঠান শুটিং পরিচালক প্রযোজক নির্মাতা নতুন ছবি মুক্তি পাচ্ছে দর্শকদের ভালোবাসা তিনি বলেন আমি সবসময় চেষ্টা করি ভালো কাজ করতে গানের জগতে দীর্ঘ পথচলা বিনোদন প্রতিবেদক চলচ্চিত্র গান শিল্পী সংগীত অভিনয় নাটক ধারাবাহিক দর্শক জনপ্রিয় পুরস্কার সম্মাননা জাতীয় চলচ্চিত্র পুরস্কার কণ্ঠশিল্পী সুরকার গীতিকার মঞ্চ অনুষ্ঠান শুটিং পরিচালক প্রযোজক নির্মাতা নতুন ছবি মুক্তি পাচ্ছে দর্শকদের ভালোবাসা তিনি বলেন আমি সবসময় চেষ্টা করি ভালো কাজ করতে গানের জগতে দীর্ঘ পথচলা বিনোদন প্রতিবেদক চলচ্চিত্র গান শিল্পী সংগীত অভিনয় নাটক ধারাবাহিক দর্শক জনপ্রিয় পুরস্কার সম্মাননা
বিনোদন প্রতিবেদক চলচ্চিত্র গান শিল্পী সংগীত অভিনয় নাটক ধারাবাহিক দর্শক জনপ্রিয় পুরস্কার সম্মাননা জাতীয় চলচ্চিত্র পুরস্কার কণ্ঠশিল্পী সুরকার গীতিকার মঞ্চ অনুষ্ঠান শুটিং পরিচালক প্রযোজক নির্মাতা নতুন ছবি মুক্তি পাচ্ছে দর্শকদের ভালোবাসা তিনি বলেন আমি সবসময় চেষ্টা করি ভালো কাজ করতে গানের জগতে দীর্ঘ পথচলা বিনোদন প্রতিবেদক চলচ্চিত্র গান শিল্পী সংগীত অভিনয় নাটক ধারাবাহিক দর্শক জনপ্রিয় পুরস্কার সম্মাননা জাতীয় চলচ্চিত্র পুরস্কার কণ্ঠশিল্পী সুরকার গীতিকার মঞ্চ অনুষ্ঠান শুটিং পরিচালক প্রযোজক নির্মাতা নতুন ছবি মুক্তি পাচ্ছে দর্শকদের ভালোবাসা তিনি বলেন আমি সবসময় চেষ্টা করি ভালো কাজ করতে গানের জগতে দীর্ঘ পথচলা বিনোদন প্রতিবেদক চলচ্চিত্র গান শিল্পী সংগীত অভিনয় নাটক ধারাবাহিক দর্শক জনপ্রিয় পুরস্কার সম্মাননা জাতীয় চলচ্চিত্র পুরস্কার কণ্ঠশিল্পী সুরকার গীতিকার মঞ্চ অনুষ্ঠান শুটিং পরিচালক প্রযোজক নির্মাতা নতুন ছবি মুক্তি পাচ্ছে দর্শকদের ভালোবাসা তিনি বলেন আমি সবসময় চেষ্টা করি ভালো কাজ করতে গানের জগতে দীর্ঘ পথচলা বিনোদন প্রতিবেদক চলচ্চিত্র গান শিল্পী সংগীত অভিনয় নাটক ধারাবাহিক দর্শক জনপ্রিয় পুরস্কার সম্মাননা
Radio Sarabela
98.8 FM
সারাবেলার সংবাদ
www.radiosarabela.fm
বিনোদন প্রতিবেদক চলচ্চিত্র গান শিল্পী সংগীত অভিনয় নাটক ধারাবাহিক দর্শক জনপ্রিয় পুরস্কার সম্মাননা জাতীয় চলচ্চিত্র পুরস্কার কণ্ঠশিল্পী সুরকার গীতিকার মঞ্চ অনুষ্ঠান শুটিং পরিচালক প্রযোজক নির্মাতা নতুন ছবি মুক্তি পাচ্ছে দর্শকদের ভালোবাসা তিনি বলেন আমি সবসময় চেষ্টা করি ভালো কাজ করতে গানের জগতে দীর্ঘ পথচলা বিনোদন প্রতিবেদক চলচ্চিত্র গান শিল্পী সংগীত অভিনয় নাটক ধারাবাহিক দর্শক জনপ্রিয় পুরস্কার সম্মাননা জাতীয় চলচ্চিত্র পুরস্কার কণ্ঠশিল্পী সুরকার গীতিকার মঞ্চ অনুষ্ঠান শুটিং পরিচালক প্রযোজক নির্মাতা নতুন ছবি মুক্তি পাচ্ছে দর্শকদের ভালোবাসা তিনি বলেন আমি সবসময় চেষ্টা করি ভালো কাজ করতে গানের জগতে দীর্ঘ পথচলা বিনোদন প্রতিবেদক চলচ্চিত্র গান শিল্পী সংগীত অভিনয় নাটক ধারাবাহিক দর্শক জনপ্রিয় পুরস্কার সম্মাননা জাতীয় চলচ্চিত্র পুরস্কার কণ্ঠশিল্পী সুরকার গীতিকার মঞ্চ অনুষ্ঠান শুটিং পরিচালক প্রযোজক নির্মাতা নতুন ছবি মুক্তি পাচ্ছে দর্শকদের ভালোবাসা তিনি বলেন আমি সবসময় চেষ্টা করি ভালো কাজ করতে গানের জগতে দীর্ঘ পথচলা বিনোদন প্রতিবেদক চলচ্চিত্র গান শিল্পী সংগীত অভিনয় নাটক ধারাবাহিক দর্শক জনপ্রিয় পুরস্কার সম্মাননা
